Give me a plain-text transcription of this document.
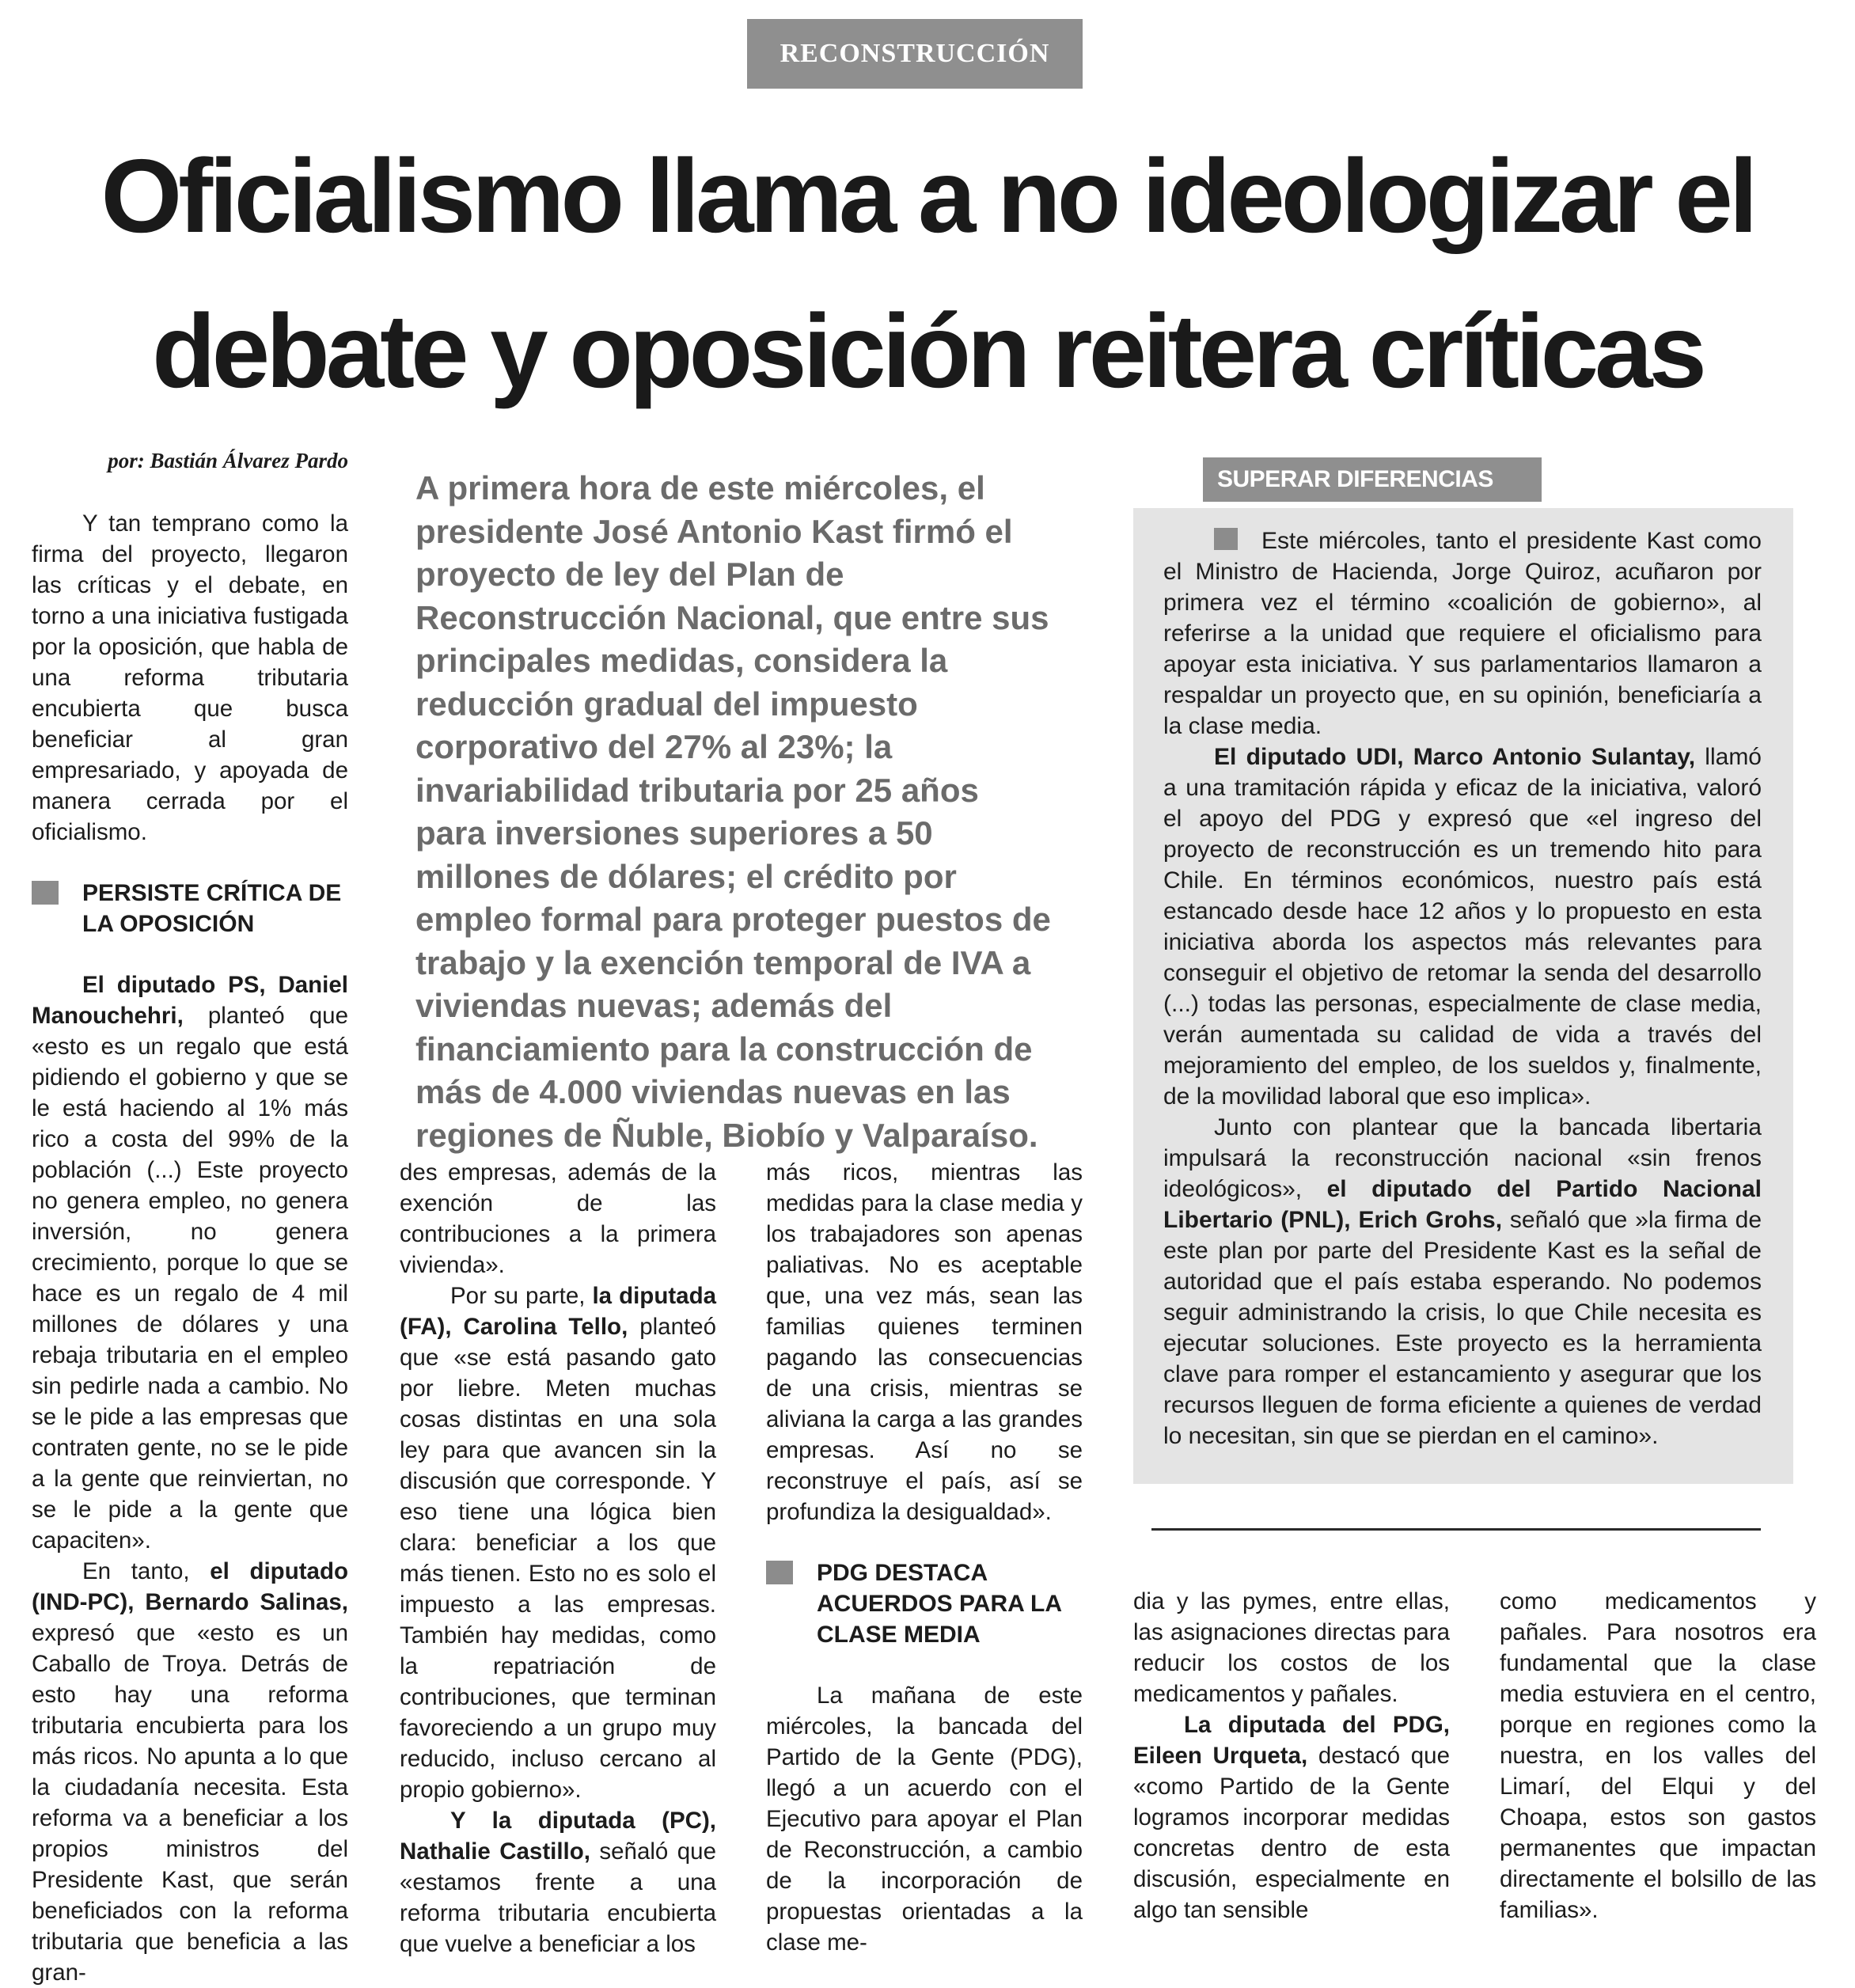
RECONSTRUCCIÓN
Oficialismo llama a no ideologizar el
debate y oposición reitera críticas
por: Bastián Álvarez Pardo

Y tan temprano como la firma del proyecto, llegaron las críticas y el debate, en torno a una iniciativa fustigada por la oposición, que habla de una reforma tributaria encubierta que busca beneficiar al gran empresariado, y apoyada de manera cerrada por el oficialismo.

PERSISTE CRÍTICA DE LA OPOSICIÓN

El diputado PS, Daniel Manouchehri, planteó que «esto es un regalo que está pidiendo el gobierno y que se le está haciendo al 1% más rico a costa del 99% de la población (...) Este proyecto no genera empleo, no genera inversión, no genera crecimiento, porque lo que se hace es un regalo de 4 mil millones de dólares y una rebaja tributaria en el empleo sin pedirle nada a cambio. No se le pide a las empresas que contraten gente, no se le pide a la gente que reinviertan, no se le pide a la gente que capaciten».

En tanto, el diputado (IND-PC), Bernardo Salinas, expresó que «esto es un Caballo de Troya. Detrás de esto hay una reforma tributaria encubierta para los más ricos. No apunta a lo que la ciudadanía necesita. Esta reforma va a beneficiar a los propios ministros del Presidente Kast, que serán beneficiados con la reforma tributaria que beneficia a las gran-

A primera hora de este miércoles, el presidente José Antonio Kast firmó el proyecto de ley del Plan de Reconstrucción Nacional, que entre sus principales medidas, considera la reducción gradual del impuesto corporativo del 27% al 23%; la invariabilidad tributaria por 25 años para inversiones superiores a 50 millones de dólares; el crédito por empleo formal para proteger puestos de trabajo y la exención temporal de IVA a viviendas nuevas; además del financiamiento para la construcción de más de 4.000 viviendas nuevas en las regiones de Ñuble, Biobío y Valparaíso.

des empresas, además de la exención de las contribuciones a la primera vivienda».

Por su parte, la diputada (FA), Carolina Tello, planteó que «se está pasando gato por liebre. Meten muchas cosas distintas en una sola ley para que avancen sin la discusión que corresponde. Y eso tiene una lógica bien clara: beneficiar a los que más tienen. Esto no es solo el impuesto a las empresas. También hay medidas, como la repatriación de contribuciones, que terminan favoreciendo a un grupo muy reducido, incluso cercano al propio gobierno».

Y la diputada (PC), Nathalie Castillo, señaló que «estamos frente a una reforma tributaria encubierta que vuelve a beneficiar a los

más ricos, mientras las medidas para la clase media y los trabajadores son apenas paliativas. No es aceptable que, una vez más, sean las familias quienes terminen pagando las consecuencias de una crisis, mientras se aliviana la carga a las grandes empresas. Así no se reconstruye el país, así se profundiza la desigualdad».

PDG DESTACA ACUERDOS PARA LA CLASE MEDIA

La mañana de este miércoles, la bancada del Partido de la Gente (PDG), llegó a un acuerdo con el Ejecutivo para apoyar el Plan de Reconstrucción, a cambio de la incorporación de propuestas orientadas a la clase me-

dia y las pymes, entre ellas, las asignaciones directas para reducir los costos de los medicamentos y pañales.

La diputada del PDG, Eileen Urqueta, destacó que «como Partido de la Gente logramos incorporar medidas concretas dentro de esta discusión, especialmente en algo tan sensible

como medicamentos y pañales. Para nosotros era fundamental que la clase media estuviera en el centro, porque en regiones como la nuestra, en los valles del Limarí, del Elqui y del Choapa, estos son gastos permanentes que impactan directamente el bolsillo de las familias».

SUPERAR DIFERENCIAS

Este miércoles, tanto el presidente Kast como el Ministro de Hacienda, Jorge Quiroz, acuñaron por primera vez el término «coalición de gobierno», al referirse a la unidad que requiere el oficialismo para apoyar esta iniciativa. Y sus parlamentarios llamaron a respaldar un proyecto que, en su opinión, beneficiaría a la clase media.

El diputado UDI, Marco Antonio Sulantay, llamó a una tramitación rápida y eficaz de la iniciativa, valoró el apoyo del PDG y expresó que «el ingreso del proyecto de reconstrucción es un tremendo hito para Chile. En términos económicos, nuestro país está estancado desde hace 12 años y lo propuesto en esta iniciativa aborda los aspectos más relevantes para conseguir el objetivo de retomar la senda del desarrollo (...) todas las personas, especialmente de clase media, verán aumentada su calidad de vida a través del mejoramiento del empleo, de los sueldos y, finalmente, de la movilidad laboral que eso implica».

Junto con plantear que la bancada libertaria impulsará la reconstrucción nacional «sin frenos ideológicos», el diputado del Partido Nacional Libertario (PNL), Erich Grohs, señaló que »la firma de este plan por parte del Presidente Kast es la señal de autoridad que el país estaba esperando. No podemos seguir administrando la crisis, lo que Chile necesita es ejecutar soluciones. Este proyecto es la herramienta clave para romper el estancamiento y asegurar que los recursos lleguen de forma eficiente a quienes de verdad lo necesitan, sin que se pierdan en el camino».
